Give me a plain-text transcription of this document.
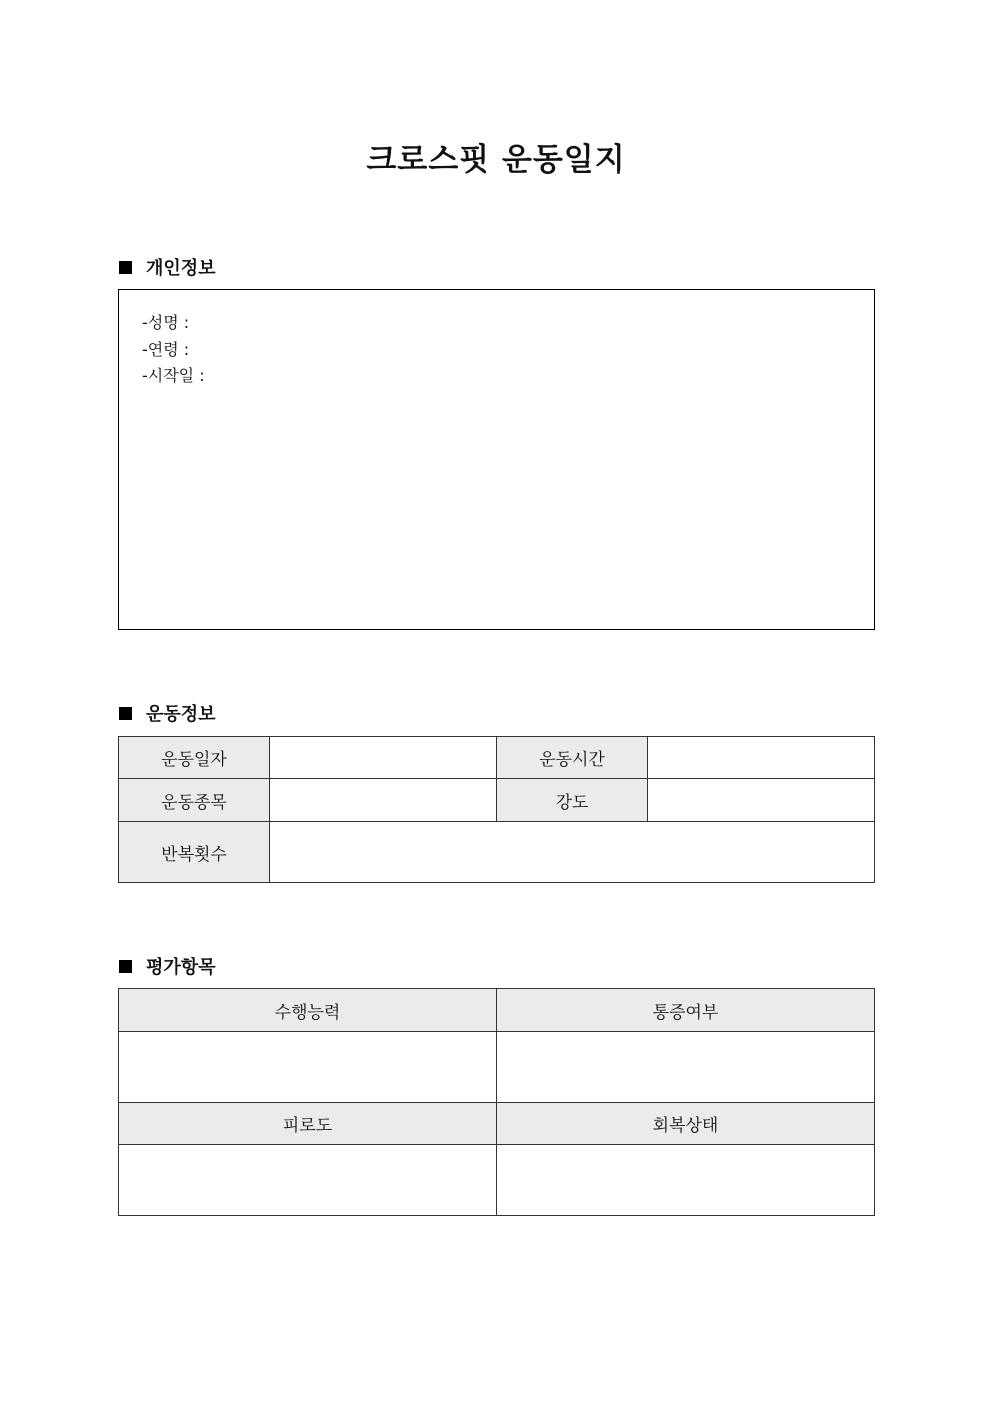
크로스핏 운동일지
개인정보
-성명 :
-연령 :
-시작일 :
운동정보
운동일자		운동시간	
운동종목		강도	
반복횟수			
평가항목
수행능력	통증여부

피로도	회복상태
